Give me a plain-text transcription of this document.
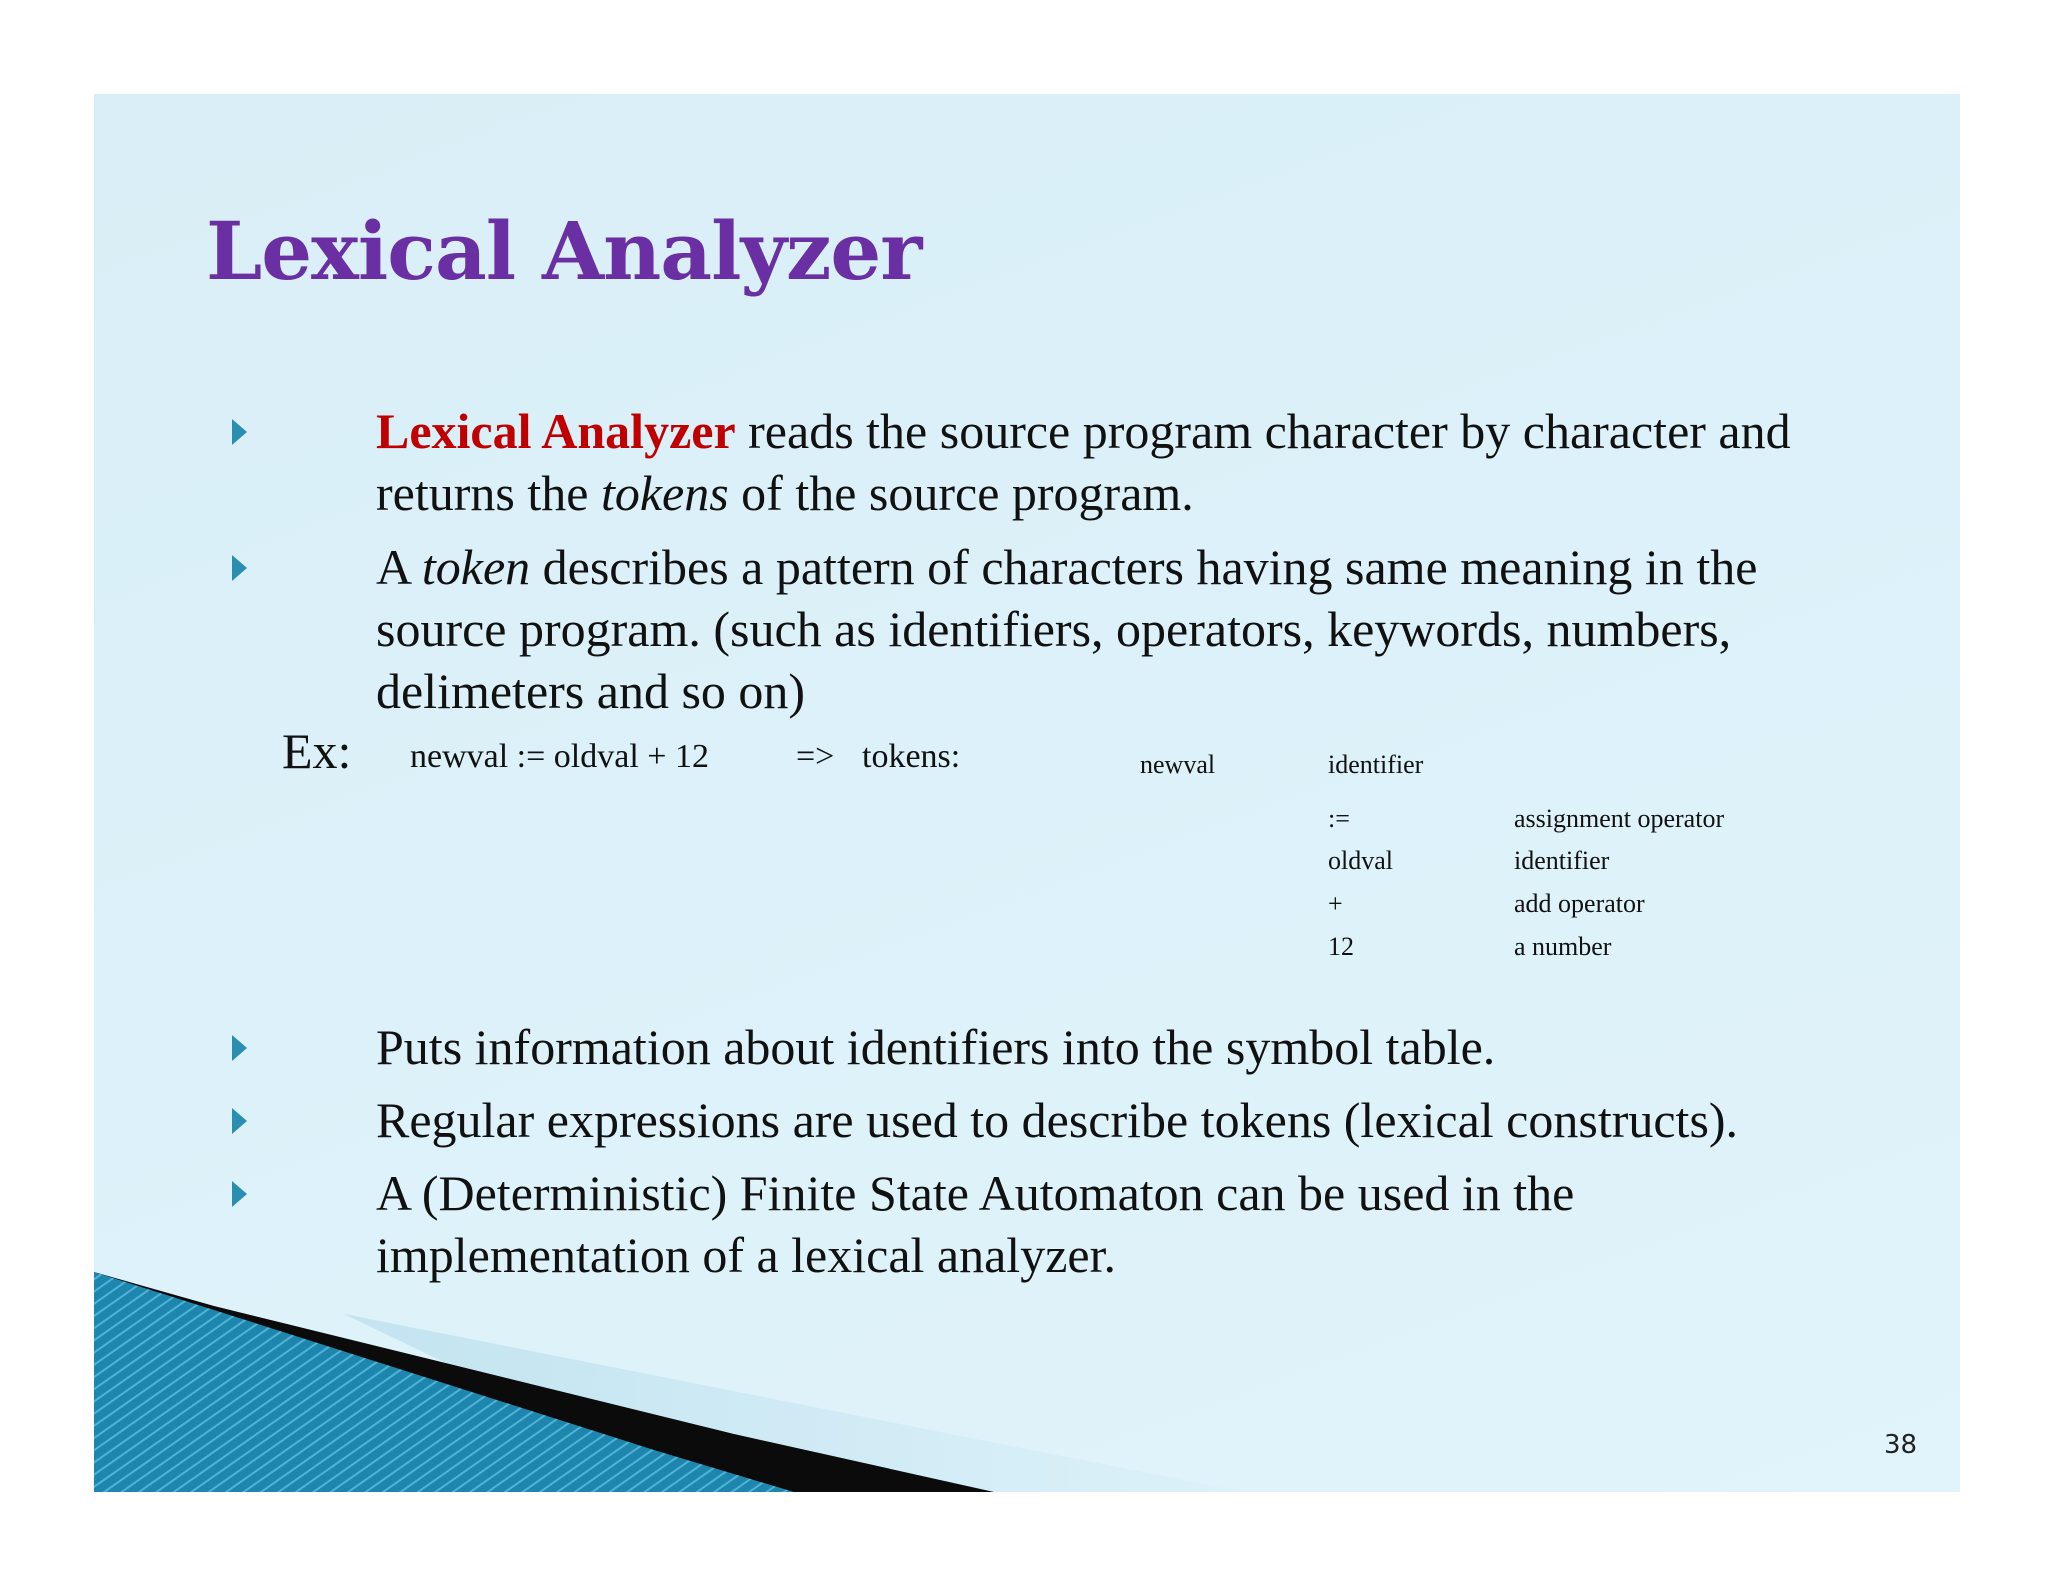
Lexical Analyzer

Lexical Analyzer reads the source program character by character and returns the tokens of the source program.

A token describes a pattern of characters having same meaning in the source program. (such as identifiers, operators, keywords, numbers, delimeters and so on)

Ex: newval := oldval + 12	=> tokens:	newval	identifier
:=	assignment operator
oldval	identifier
+	add operator
12	a number

Puts information about identifiers into the symbol table.

Regular expressions are used to describe tokens (lexical constructs).

A (Deterministic) Finite State Automaton can be used in the implementation of a lexical analyzer.

38
